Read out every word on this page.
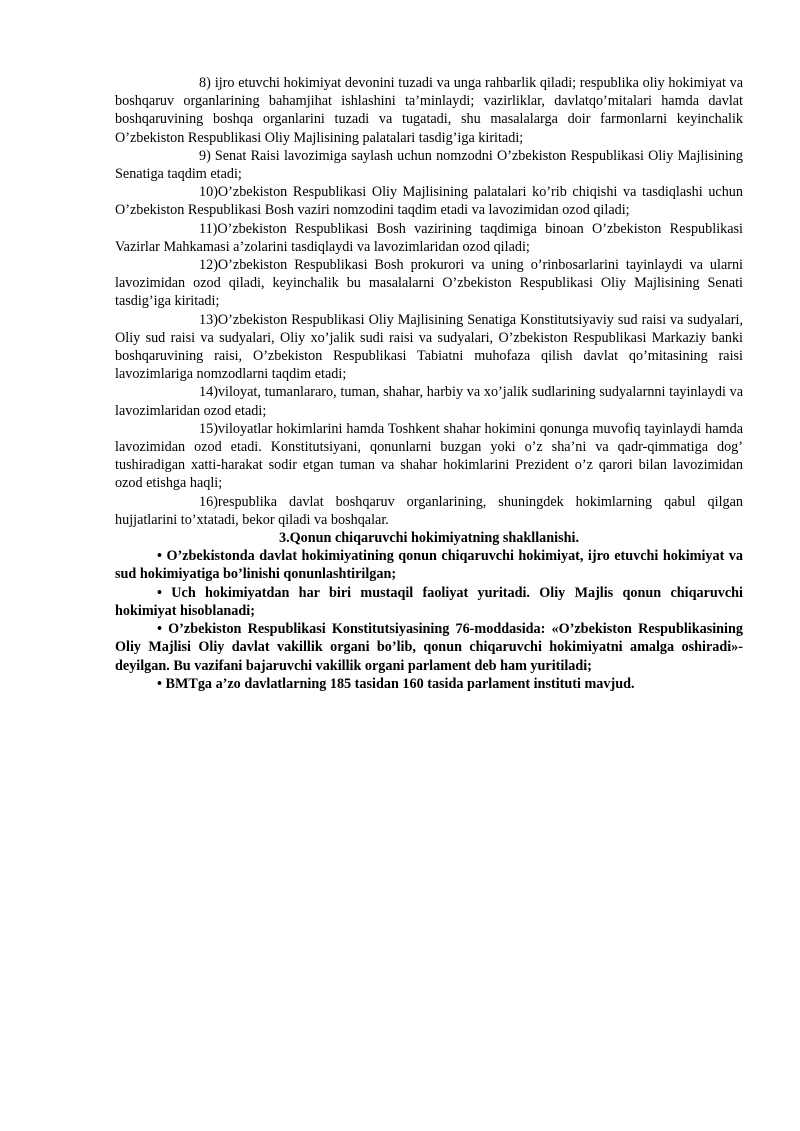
8) ijro etuvchi hokimiyat devonini tuzadi va unga rahbarlik qiladi; respublika oliy hokimiyat va boshqaruv organlarining bahamjihat ishlashini ta’minlaydi; vazirliklar, davlatqo’mitalari hamda davlat boshqaruvining boshqa organlarini tuzadi va tugatadi, shu masalalarga doir farmonlarni keyinchalik O’zbekiston Respublikasi Oliy Majlisining palatalari tasdig’iga kiritadi;

9) Senat Raisi lavozimiga saylash uchun nomzodni O’zbekiston Respublikasi Oliy Majlisining Senatiga taqdim etadi;

10)O’zbekiston Respublikasi Oliy Majlisining palatalari ko’rib chiqishi va tasdiqlashi uchun O’zbekiston Respublikasi Bosh vaziri nomzodini taqdim etadi va lavozimidan ozod qiladi;

11)O’zbekiston Respublikasi Bosh vazirining taqdimiga binoan O’zbekiston Respublikasi Vazirlar Mahkamasi a’zolarini tasdiqlaydi va lavozimlaridan ozod qiladi;

12)O’zbekiston Respublikasi Bosh prokurori va uning o’rinbosarlarini tayinlaydi va ularni lavozimidan ozod qiladi, keyinchalik bu masalalarni O’zbekiston Respublikasi Oliy Majlisining Senati tasdig’iga kiritadi;

13)O’zbekiston Respublikasi Oliy Majlisining Senatiga Konstitutsiyaviy sud raisi va sudyalari, Oliy sud raisi va sudyalari, Oliy xo’jalik sudi raisi va sudyalari, O’zbekiston Respublikasi Markaziy banki boshqaruvining raisi, O’zbekiston Respublikasi Tabiatni muhofaza qilish davlat qo’mitasining raisi lavozimlariga nomzodlarni taqdim etadi;

14)viloyat, tumanlararo, tuman, shahar, harbiy va xo’jalik sudlarining sudyalarnni tayinlaydi va lavozimlaridan ozod etadi;

15)viloyatlar hokimlarini hamda Toshkent shahar hokimini qonunga muvofiq tayinlaydi hamda lavozimidan ozod etadi. Konstitutsiyani, qonunlarni buzgan yoki o’z sha’ni va qadr-qimmatiga dog’ tushiradigan xatti-harakat sodir etgan tuman va shahar hokimlarini Prezident o’z qarori bilan lavozimidan ozod etishga haqli;

16)respublika davlat boshqaruv organlarining, shuningdek hokimlarning qabul qilgan hujjatlarini to’xtatadi, bekor qiladi va boshqalar.

3.Qonun chiqaruvchi hokimiyatning shakllanishi.

• O’zbekistonda davlat hokimiyatining qonun chiqaruvchi hokimiyat, ijro etuvchi hokimiyat va sud hokimiyatiga bo’linishi qonunlashtirilgan;

• Uch hokimiyatdan har biri mustaqil faoliyat yuritadi. Oliy Majlis qonun chiqaruvchi hokimiyat hisoblanadi;

• O’zbekiston Respublikasi Konstitutsiyasining 76-moddasida: «O’zbekiston Respublikasining Oliy Majlisi Oliy davlat vakillik organi bo’lib, qonun chiqaruvchi hokimiyatni amalga oshiradi»-deyilgan. Bu vazifani bajaruvchi vakillik organi parlament deb ham yuritiladi;

• BMTga a’zo davlatlarning 185 tasidan 160 tasida parlament instituti mavjud.
